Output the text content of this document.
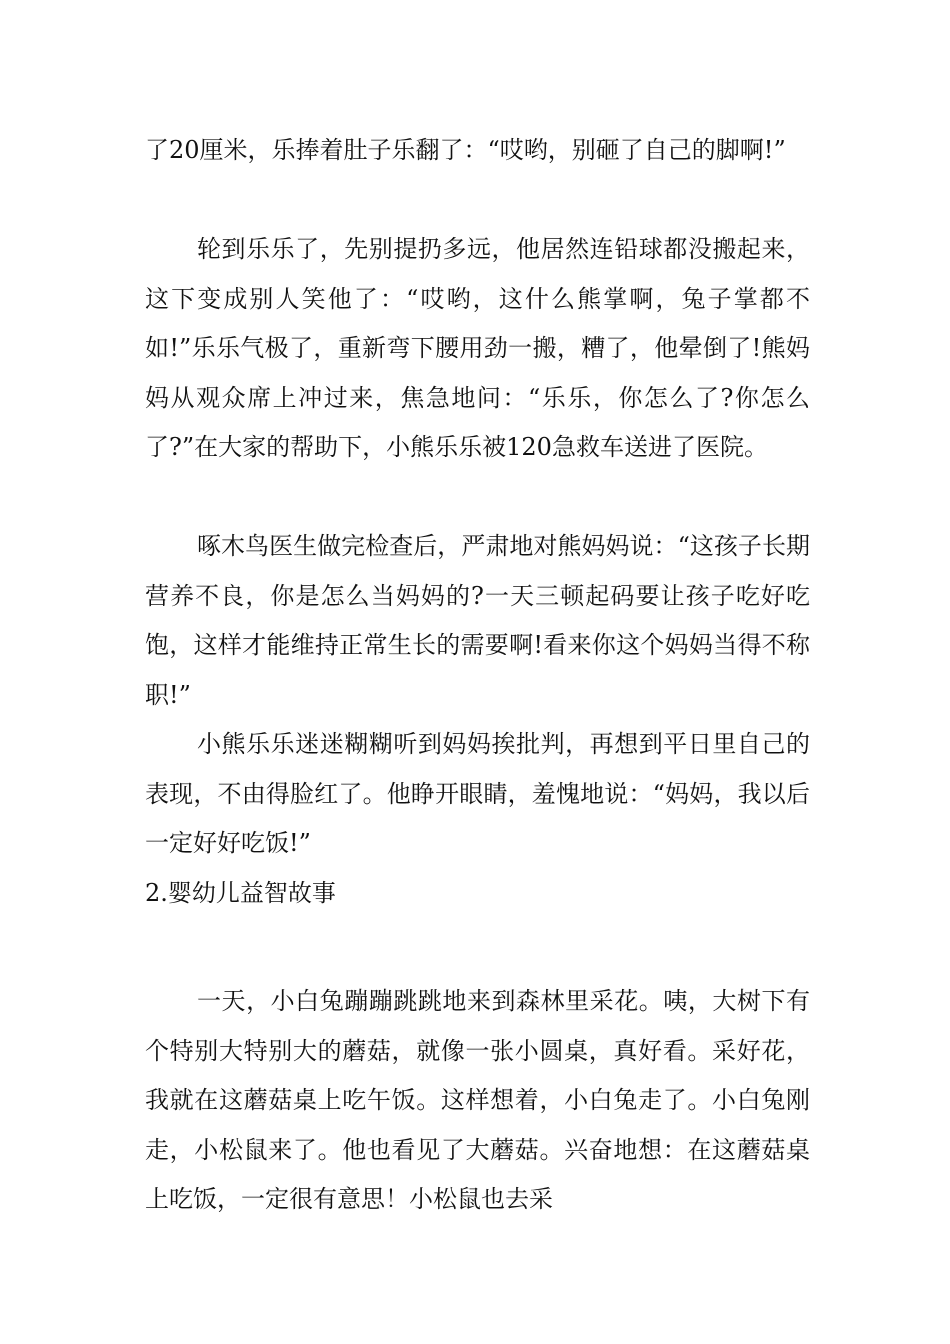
了20厘米，乐捧着肚子乐翻了：“哎哟，别砸了自己的脚啊!”

轮到乐乐了，先别提扔多远，他居然连铅球都没搬起来，这下变成别人笑他了：“哎哟，这什么熊掌啊，兔子掌都不如!”乐乐气极了，重新弯下腰用劲一搬，糟了，他晕倒了!熊妈妈从观众席上冲过来，焦急地问：“乐乐，你怎么了?你怎么了?”在大家的帮助下，小熊乐乐被120急救车送进了医院。

啄木鸟医生做完检查后，严肃地对熊妈妈说：“这孩子长期营养不良，你是怎么当妈妈的?一天三顿起码要让孩子吃好吃饱，这样才能维持正常生长的需要啊!看来你这个妈妈当得不称职!”

小熊乐乐迷迷糊糊听到妈妈挨批判，再想到平日里自己的表现，不由得脸红了。他睁开眼睛，羞愧地说：“妈妈，我以后一定好好吃饭!”

2.婴幼儿益智故事

一天，小白兔蹦蹦跳跳地来到森林里采花。咦，大树下有个特别大特别大的蘑菇，就像一张小圆桌，真好看。采好花，我就在这蘑菇桌上吃午饭。这样想着，小白兔走了。小白兔刚走，小松鼠来了。他也看见了大蘑菇。兴奋地想：在这蘑菇桌上吃饭，一定很有意思！小松鼠也去采
